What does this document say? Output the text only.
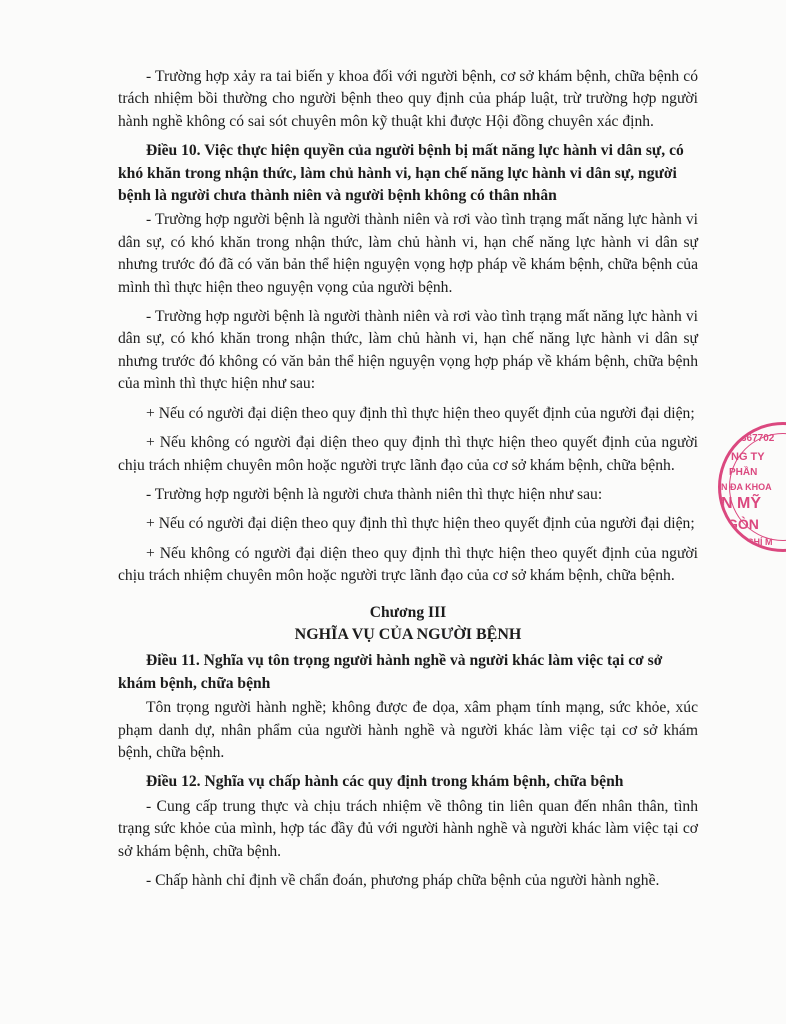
- Trường hợp xảy ra tai biến y khoa đối với người bệnh, cơ sở khám bệnh, chữa bệnh có trách nhiệm bồi thường cho người bệnh theo quy định của pháp luật, trừ trường hợp người hành nghề không có sai sót chuyên môn kỹ thuật khi được Hội đồng chuyên xác định.

Điều 10. Việc thực hiện quyền của người bệnh bị mất năng lực hành vi dân sự, có khó khăn trong nhận thức, làm chủ hành vi, hạn chế năng lực hành vi dân sự, người bệnh là người chưa thành niên và người bệnh không có thân nhân

- Trường hợp người bệnh là người thành niên và rơi vào tình trạng mất năng lực hành vi dân sự, có khó khăn trong nhận thức, làm chủ hành vi, hạn chế năng lực hành vi dân sự nhưng trước đó đã có văn bản thể hiện nguyện vọng hợp pháp về khám bệnh, chữa bệnh của mình thì thực hiện theo nguyện vọng của người bệnh.

- Trường hợp người bệnh là người thành niên và rơi vào tình trạng mất năng lực hành vi dân sự, có khó khăn trong nhận thức, làm chủ hành vi, hạn chế năng lực hành vi dân sự nhưng trước đó không có văn bản thể hiện nguyện vọng hợp pháp về khám bệnh, chữa bệnh của mình thì thực hiện như sau:

+ Nếu có người đại diện theo quy định thì thực hiện theo quyết định của người đại diện;

+ Nếu không có người đại diện theo quy định thì thực hiện theo quyết định của người chịu trách nhiệm chuyên môn hoặc người trực lãnh đạo của cơ sở khám bệnh, chữa bệnh.

- Trường hợp người bệnh là người chưa thành niên thì thực hiện như sau:

+ Nếu có người đại diện theo quy định thì thực hiện theo quyết định của người đại diện;

+ Nếu không có người đại diện theo quy định thì thực hiện theo quyết định của người chịu trách nhiệm chuyên môn hoặc người trực lãnh đạo của cơ sở khám bệnh, chữa bệnh.

Chương III

NGHĨA VỤ CỦA NGƯỜI BỆNH

Điều 11. Nghĩa vụ tôn trọng người hành nghề và người khác làm việc tại cơ sở khám bệnh, chữa bệnh

Tôn trọng người hành nghề; không được đe dọa, xâm phạm tính mạng, sức khỏe, xúc phạm danh dự, nhân phẩm của người hành nghề và người khác làm việc tại cơ sở khám bệnh, chữa bệnh.

Điều 12. Nghĩa vụ chấp hành các quy định trong khám bệnh, chữa bệnh

- Cung cấp trung thực và chịu trách nhiệm về thông tin liên quan đến nhân thân, tình trạng sức khỏe của mình, hợp tác đầy đủ với người hành nghề và người khác làm việc tại cơ sở khám bệnh, chữa bệnh.

- Chấp hành chỉ định về chẩn đoán, phương pháp chữa bệnh của người hành nghề.

367702
NG TY
PHẦN
N ĐA KHOA
N MỸ
GÒN
HỒ CHÍ M
